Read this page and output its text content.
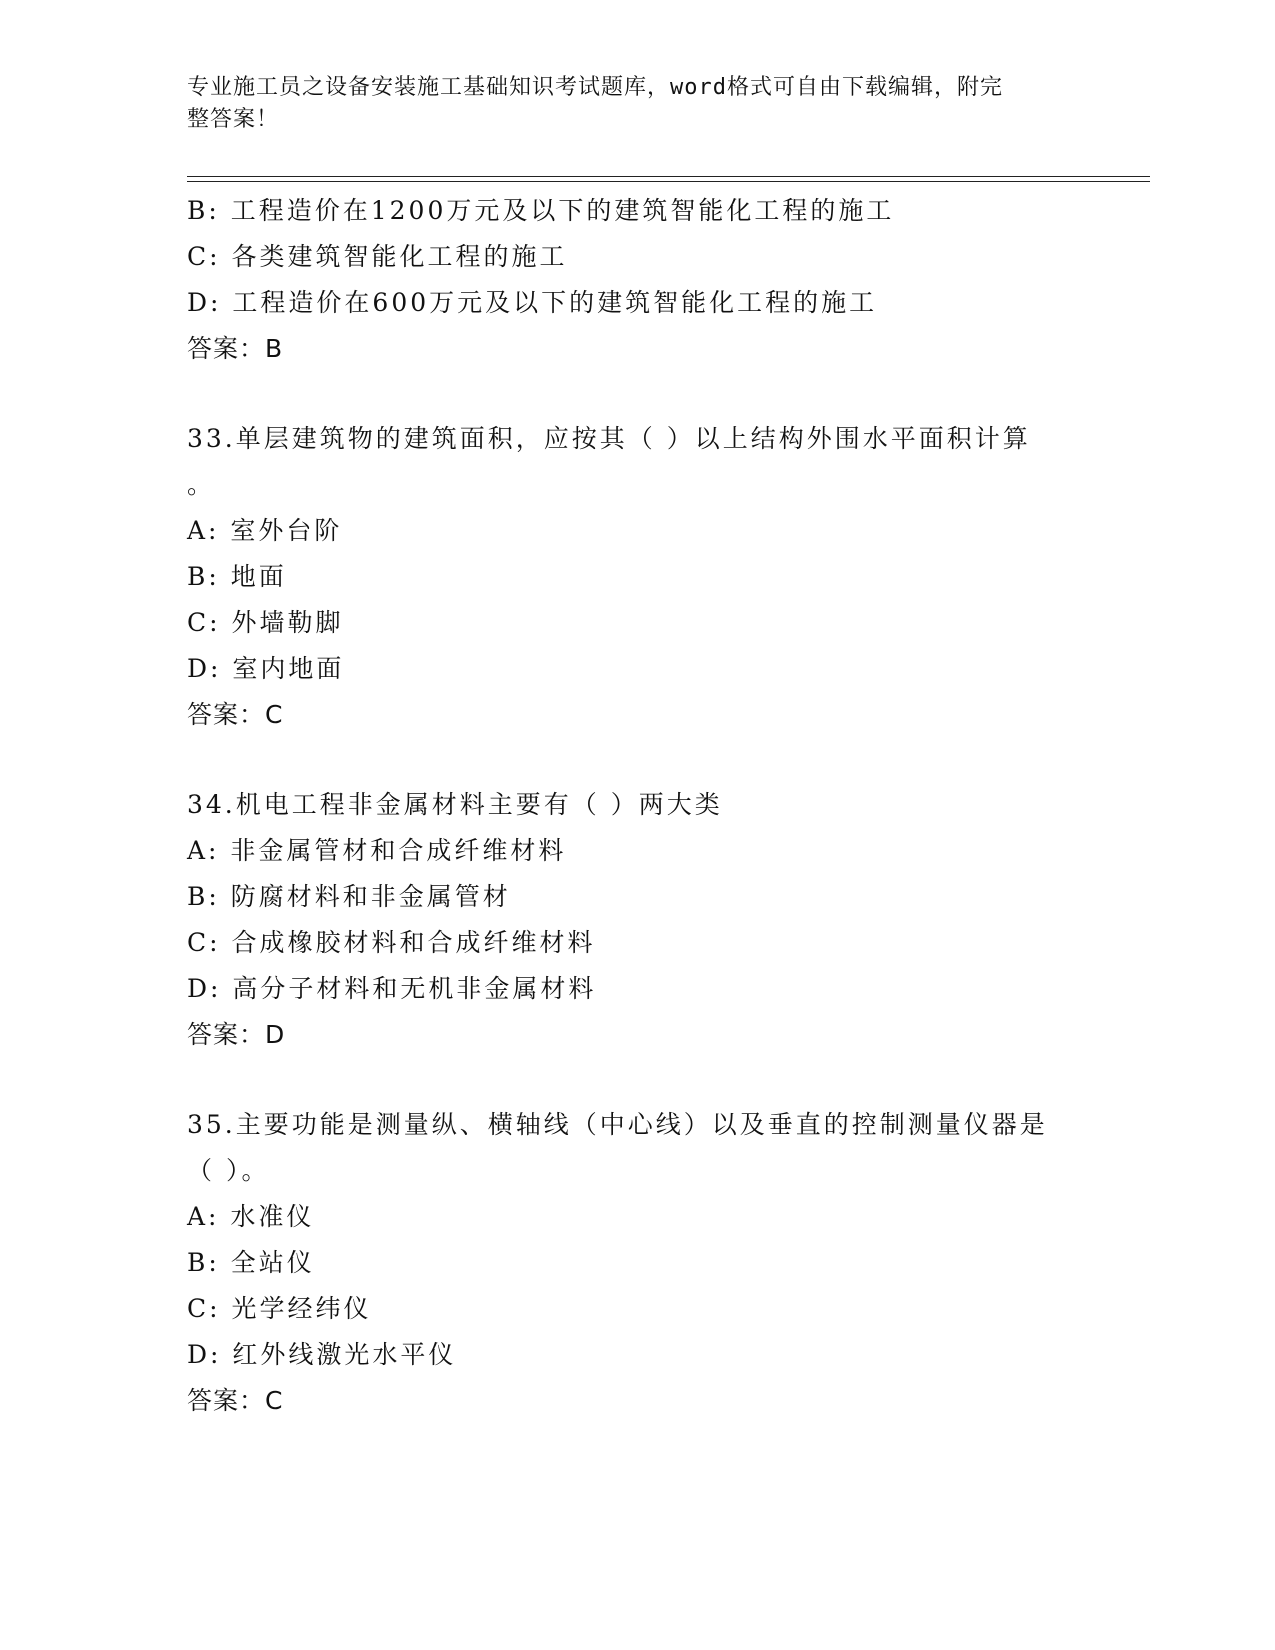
专业施工员之设备安装施工基础知识考试题库，word格式可自由下载编辑，附完
整答案！
B: 工程造价在1200万元及以下的建筑智能化工程的施工
C: 各类建筑智能化工程的施工
D: 工程造价在600万元及以下的建筑智能化工程的施工
答案：B
33.单层建筑物的建筑面积，应按其（ ）以上结构外围水平面积计算
。
A: 室外台阶
B: 地面
C: 外墙勒脚
D: 室内地面
答案：C
34.机电工程非金属材料主要有（ ）两大类
A: 非金属管材和合成纤维材料
B: 防腐材料和非金属管材
C: 合成橡胶材料和合成纤维材料
D: 高分子材料和无机非金属材料
答案：D
35.主要功能是测量纵、横轴线（中心线）以及垂直的控制测量仪器是
（ ）。
A: 水准仪
B: 全站仪
C: 光学经纬仪
D: 红外线激光水平仪
答案：C
